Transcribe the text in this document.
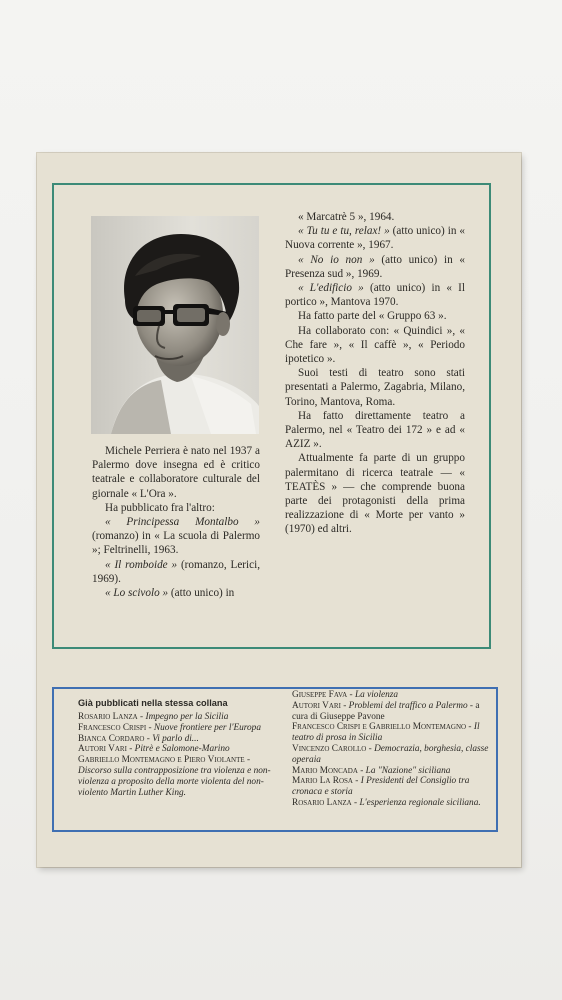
Michele Perriera è nato nel 1937 a Palermo dove insegna ed è critico teatrale e collaboratore culturale del giornale « L'Ora ».

Ha pubblicato fra l'altro:

« Principessa Montalbo » (romanzo) in « La scuola di Palermo »; Feltrinelli, 1963.

« Il romboide » (romanzo, Lerici, 1969).

« Lo scivolo » (atto unico) in

« Marcatrè 5 », 1964.

« Tu tu e tu, relax! » (atto unico) in « Nuova corrente », 1967.

« No io non » (atto unico) in « Presenza sud », 1969.

« L'edificio » (atto unico) in « Il portico », Mantova 1970.

Ha fatto parte del « Gruppo 63 ».

Ha collaborato con: « Quindici », « Che fare », « Il caffè », « Periodo ipotetico ».

Suoi testi di teatro sono stati presentati a Palermo, Zagabria, Milano, Torino, Mantova, Roma.

Ha fatto direttamente teatro a Palermo, nel « Teatro dei 172 » e ad « AZIZ ».

Attualmente fa parte di un gruppo palermitano di ricerca teatrale — « TEATÈS » — che comprende buona parte dei protagonisti della prima realizzazione di « Morte per vanto » (1970) ed altri.

Già pubblicati nella stessa collana

Rosario Lanza - Impegno per la Sicilia

Francesco Crispi - Nuove frontiere per l'Europa

Bianca Cordaro - Vi parlo di...

Autori Vari - Pitrè e Salomone-Marino

Gabriello Montemagno e Piero Violante - Discorso sulla contrapposizione tra violenza e non-violenza a proposito della morte violenta del non-violento Martin Luther King.

Giuseppe Fava - La violenza

Autori Vari - Problemi del traffico a Palermo - a cura di Giuseppe Pavone

Francesco Crispi e Gabriello Montemagno - Il teatro di prosa in Sicilia

Vincenzo Carollo - Democrazia, borghesia, classe operaia

Mario Moncada - La "Nazione" siciliana

Mario La Rosa - I Presidenti del Consiglio tra cronaca e storia

Rosario Lanza - L'esperienza regionale siciliana.
